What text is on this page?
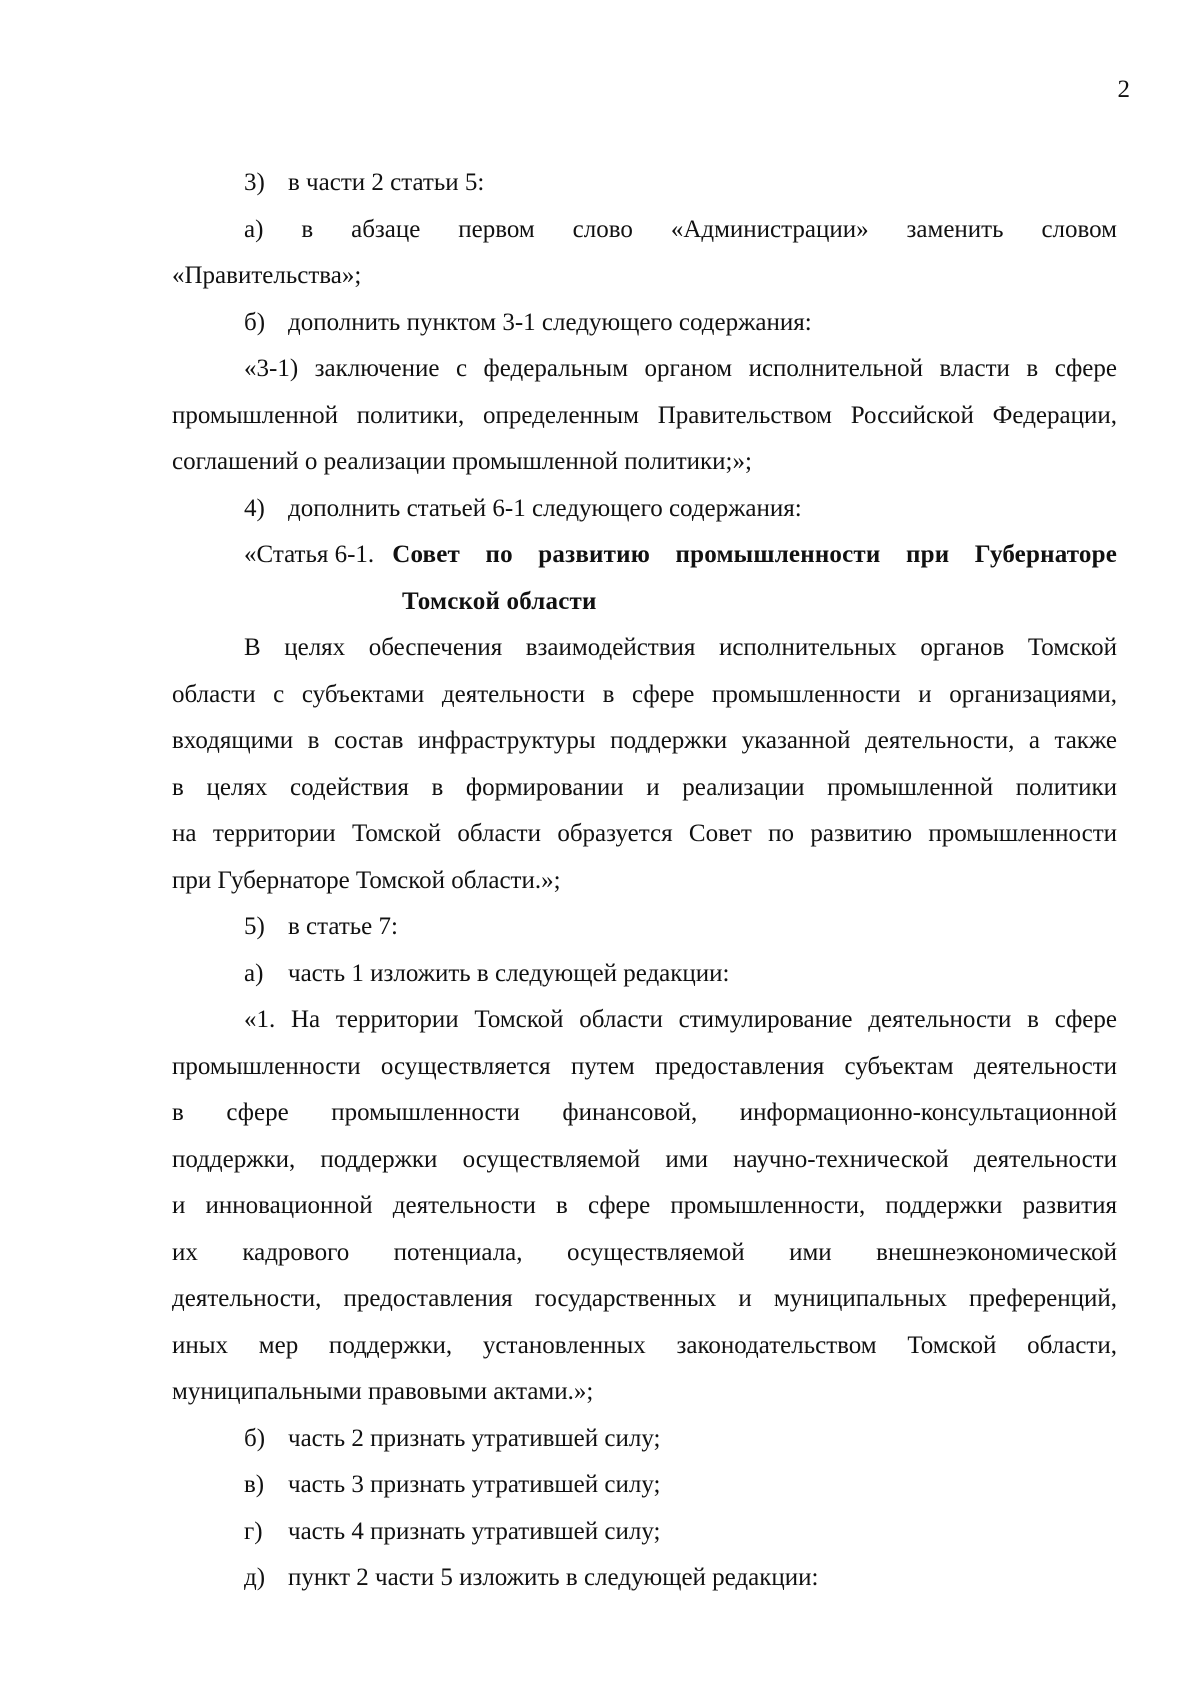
2
3) в части 2 статьи 5:
а) в абзаце первом слово «Администрации» заменить словом
«Правительства»;
б) дополнить пунктом 3-1 следующего содержания:
«3-1) заключение с федеральным органом исполнительной власти в сфере
промышленной политики, определенным Правительством Российской Федерации,
соглашений о реализации промышленной политики;»;
4) дополнить статьей 6-1 следующего содержания:
«Статья 6-1. Совет по развитию промышленности при Губернаторе
Томской области
В целях обеспечения взаимодействия исполнительных органов Томской
области с субъектами деятельности в сфере промышленности и организациями,
входящими в состав инфраструктуры поддержки указанной деятельности, а также
в целях содействия в формировании и реализации промышленной политики
на территории Томской области образуется Совет по развитию промышленности
при Губернаторе Томской области.»;
5) в статье 7:
а) часть 1 изложить в следующей редакции:
«1. На территории Томской области стимулирование деятельности в сфере
промышленности осуществляется путем предоставления субъектам деятельности
в сфере промышленности финансовой, информационно-консультационной
поддержки, поддержки осуществляемой ими научно-технической деятельности
и инновационной деятельности в сфере промышленности, поддержки развития
их кадрового потенциала, осуществляемой ими внешнеэкономической
деятельности, предоставления государственных и муниципальных преференций,
иных мер поддержки, установленных законодательством Томской области,
муниципальными правовыми актами.»;
б) часть 2 признать утратившей силу;
в) часть 3 признать утратившей силу;
г) часть 4 признать утратившей силу;
д) пункт 2 части 5 изложить в следующей редакции:
